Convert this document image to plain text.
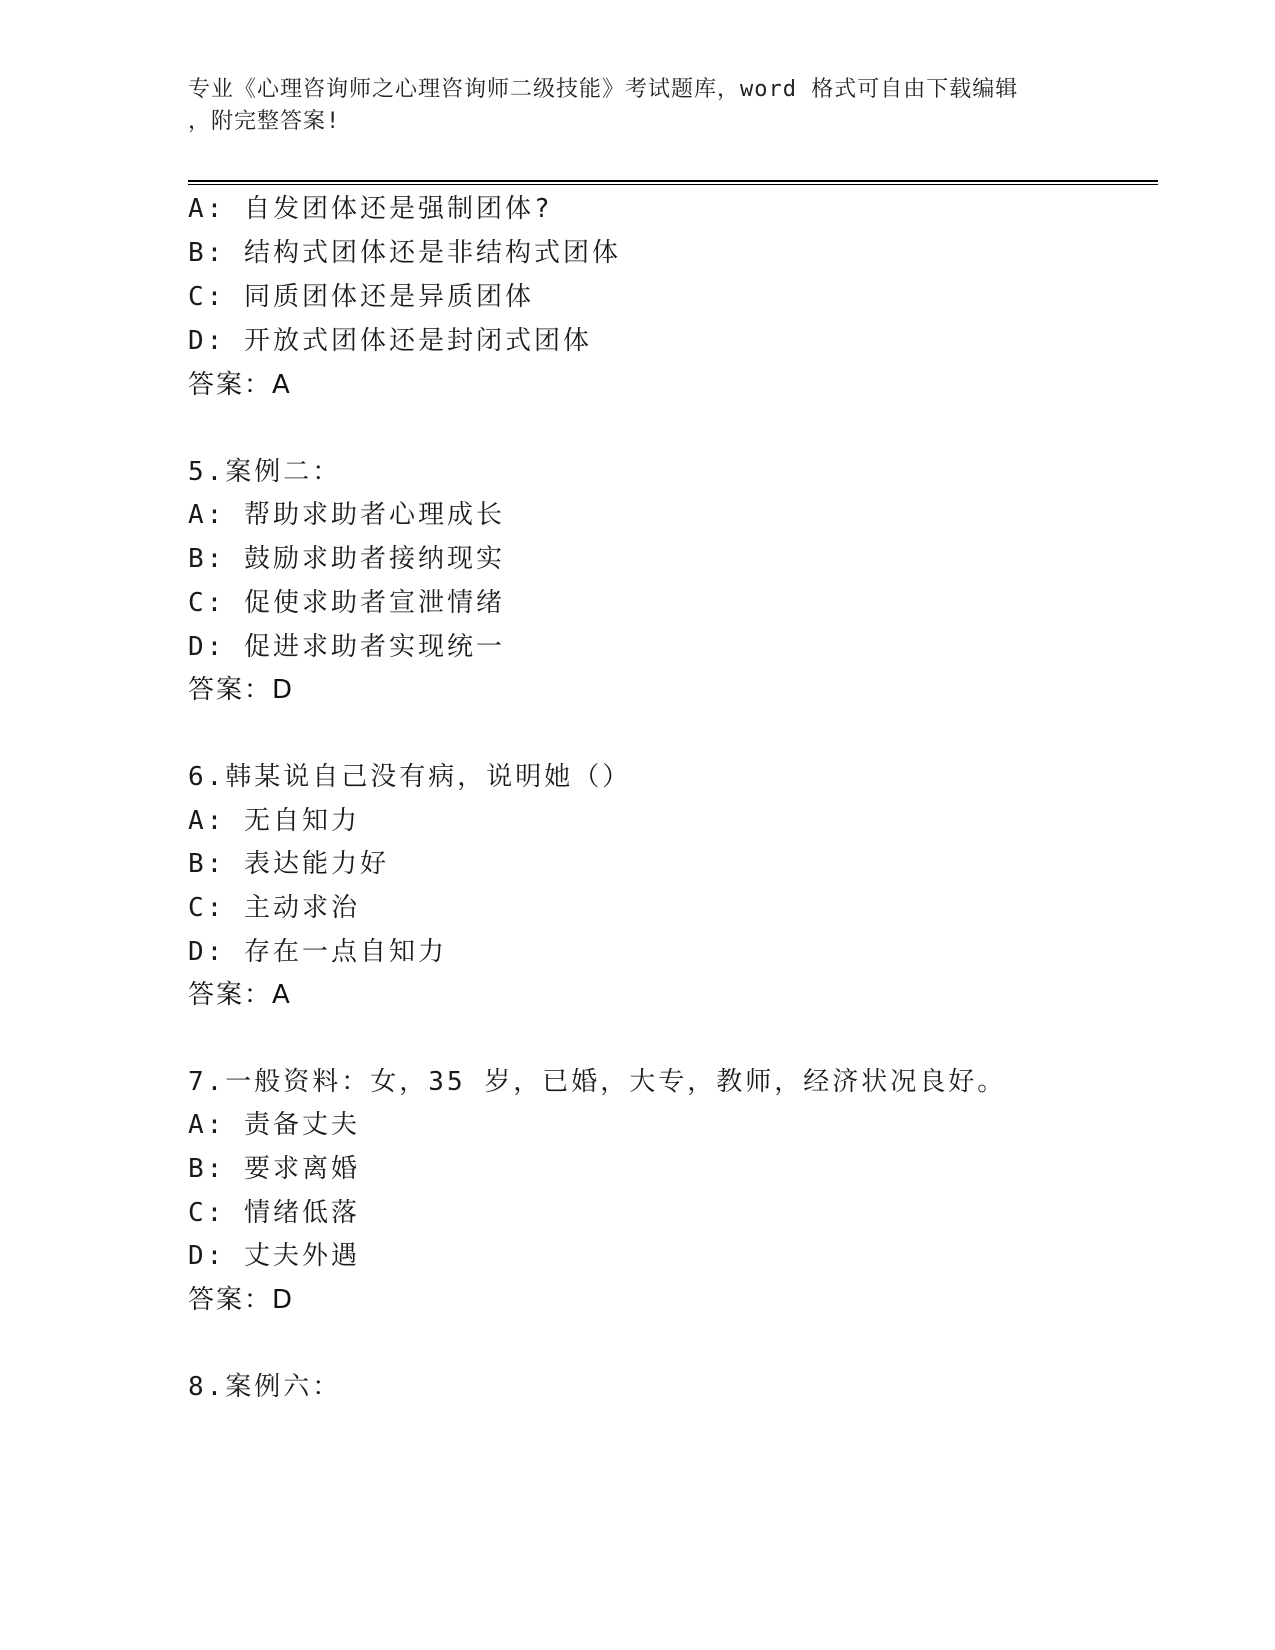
专业《心理咨询师之心理咨询师二级技能》考试题库，word 格式可自由下载编辑
，附完整答案!
A: 自发团体还是强制团体?
B: 结构式团体还是非结构式团体
C: 同质团体还是异质团体
D: 开放式团体还是封闭式团体
答案：A
5.案例二：
A: 帮助求助者心理成长
B: 鼓励求助者接纳现实
C: 促使求助者宣泄情绪
D: 促进求助者实现统一
答案：D
6.韩某说自己没有病，说明她（）
A: 无自知力
B: 表达能力好
C: 主动求治
D: 存在一点自知力
答案：A
7.一般资料：女，35 岁，已婚，大专，教师，经济状况良好。
A: 责备丈夫
B: 要求离婚
C: 情绪低落
D: 丈夫外遇
答案：D
8.案例六：
